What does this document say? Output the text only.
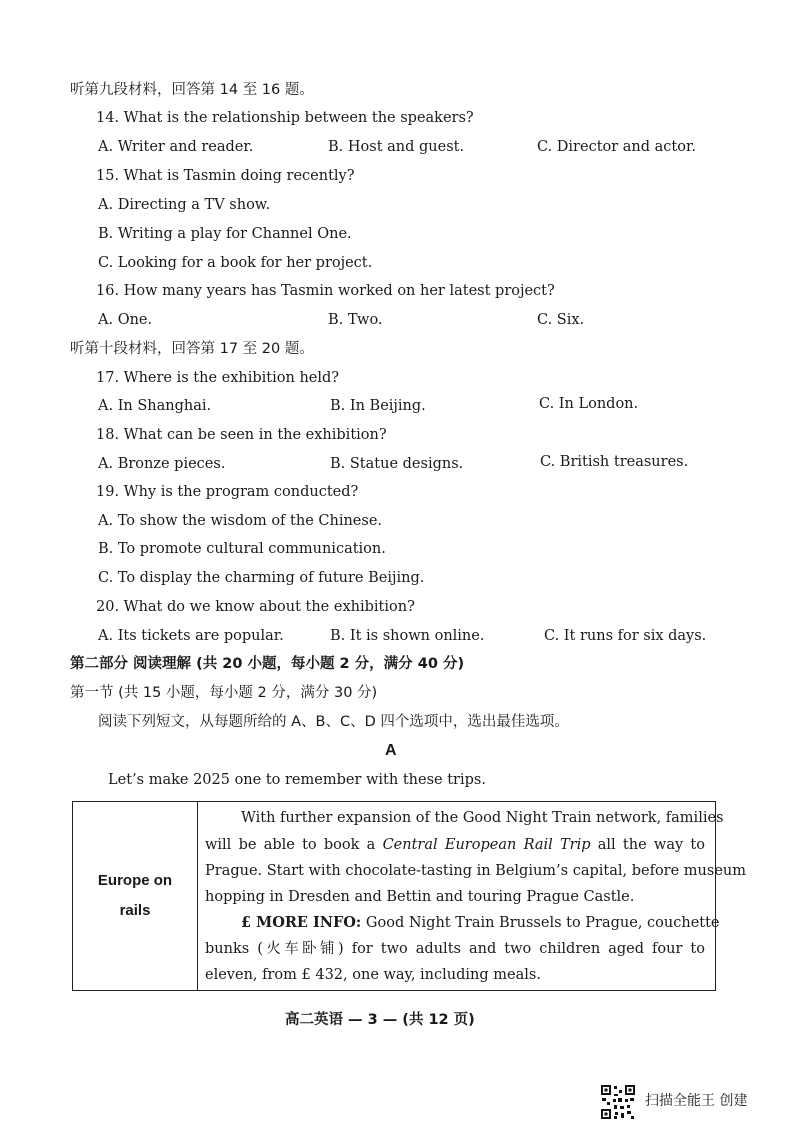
听第九段材料，回答第 14 至 16 题。
14. What is the relationship between the speakers?
A. Writer and reader.	B. Host and guest.	C. Director and actor.
15. What is Tasmin doing recently?
A. Directing a TV show.
B. Writing a play for Channel One.
C. Looking for a book for her project.
16. How many years has Tasmin worked on her latest project?
A. One.	B. Two.	C. Six.
听第十段材料，回答第 17 至 20 题。
17. Where is the exhibition held?
A. In Shanghai.	B. In Beijing.	C. In London.
18. What can be seen in the exhibition?
A. Bronze pieces.	B. Statue designs.	C. British treasures.
19. Why is the program conducted?
A. To show the wisdom of the Chinese.
B. To promote cultural communication.
C. To display the charming of future Beijing.
20. What do we know about the exhibition?
A. Its tickets are popular.	B. It is shown online.	C. It runs for six days.
第二部分 阅读理解 (共 20 小题，每小题 2 分，满分 40 分)
第一节 (共 15 小题，每小题 2 分，满分 30 分)
阅读下列短文，从每题所给的 A、B、C、D 四个选项中，选出最佳选项。
A
Let’s make 2025 one to remember with these trips.
Europe on
rails
With further expansion of the Good Night Train network, families
will be able to book a Central European Rail Trip all the way to
Prague. Start with chocolate-tasting in Belgium’s capital, before museum
hopping in Dresden and Bettin and touring Prague Castle.
£ MORE INFO: Good Night Train Brussels to Prague, couchette
bunks (火车卧铺) for two adults and two children aged four to
eleven, from £ 432, one way, including meals.
高二英语 — 3 — (共 12 页)
扫描全能王 创建
